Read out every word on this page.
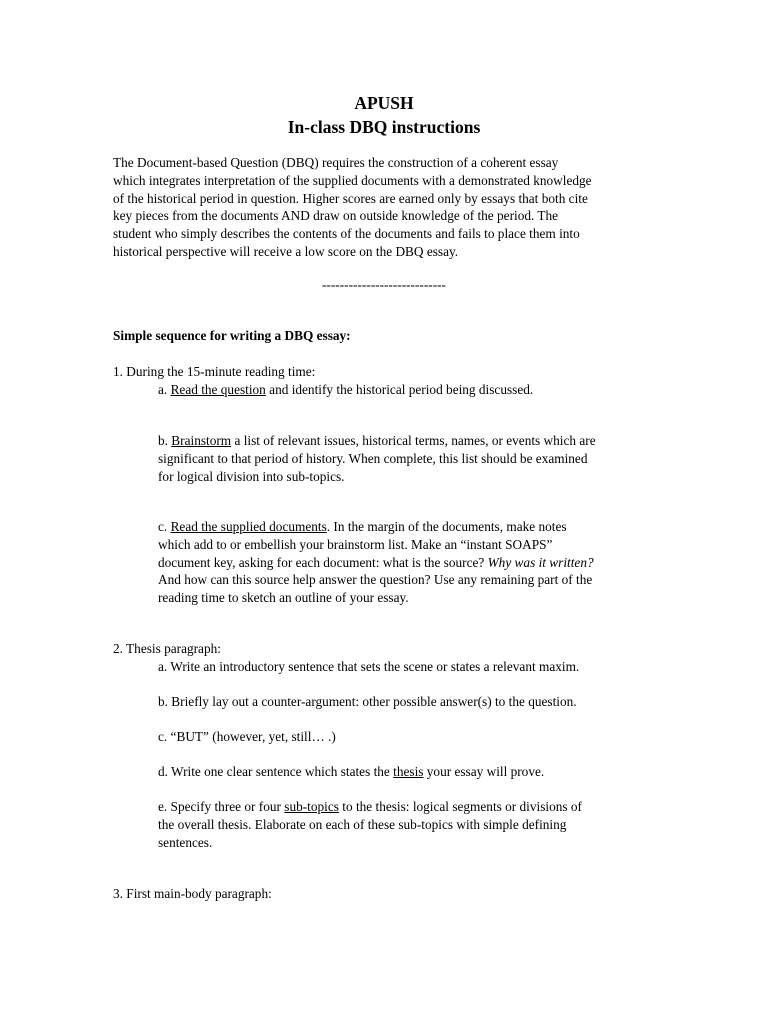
APUSH
In-class DBQ instructions
The Document-based Question (DBQ) requires the construction of a coherent essay
which integrates interpretation of the supplied documents with a demonstrated knowledge
of the historical period in question. Higher scores are earned only by essays that both cite
key pieces from the documents AND draw on outside knowledge of the period. The
student who simply describes the contents of the documents and fails to place them into
historical perspective will receive a low score on the DBQ essay.
----------------------------
Simple sequence for writing a DBQ essay:
1. During the 15-minute reading time:
a. Read the question and identify the historical period being discussed.
b. Brainstorm a list of relevant issues, historical terms, names, or events which are
significant to that period of history. When complete, this list should be examined
for logical division into sub-topics.
c. Read the supplied documents. In the margin of the documents, make notes
which add to or embellish your brainstorm list. Make an “instant SOAPS”
document key, asking for each document: what is the source? Why was it written?
And how can this source help answer the question? Use any remaining part of the
reading time to sketch an outline of your essay.
2. Thesis paragraph:
a. Write an introductory sentence that sets the scene or states a relevant maxim.
b. Briefly lay out a counter-argument: other possible answer(s) to the question.
c. “BUT” (however, yet, still… .)
d. Write one clear sentence which states the thesis your essay will prove.
e. Specify three or four sub-topics to the thesis: logical segments or divisions of
the overall thesis. Elaborate on each of these sub-topics with simple defining
sentences.
3. First main-body paragraph:
